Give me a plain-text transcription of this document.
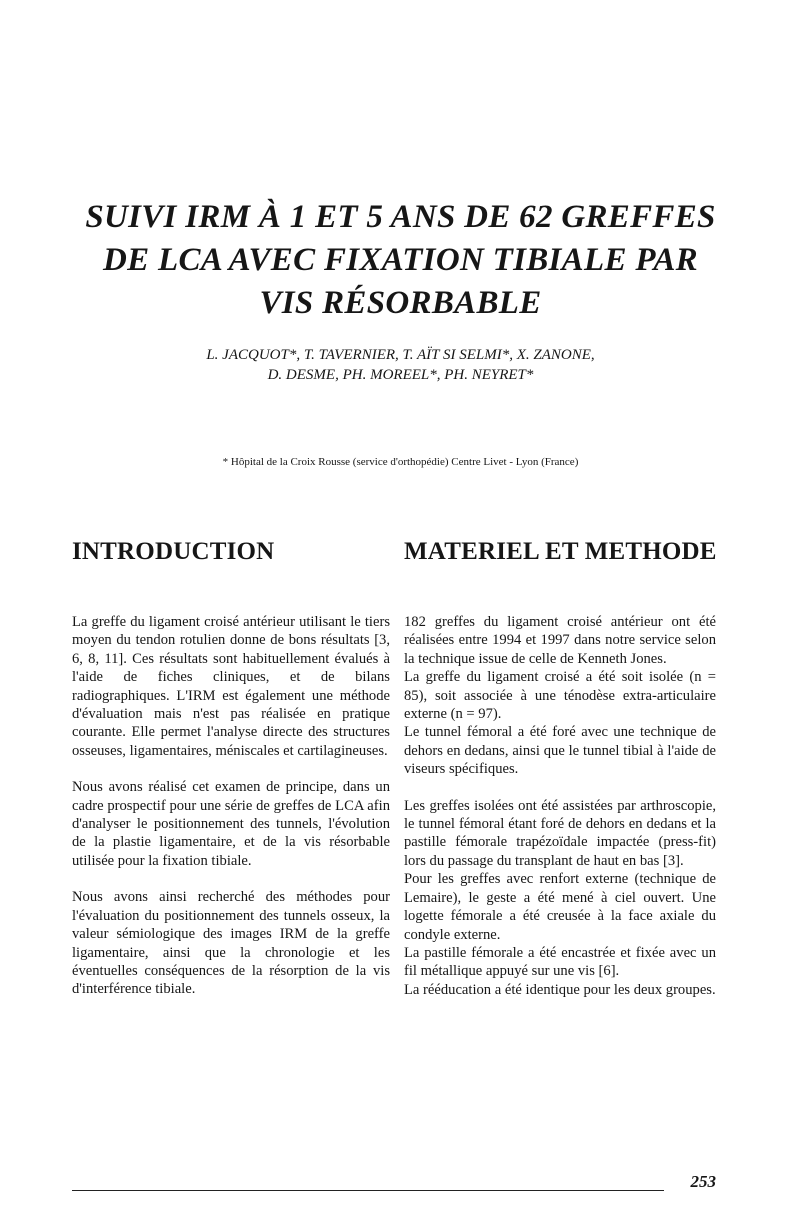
SUIVI IRM À 1 ET 5 ANS DE 62 GREFFES
DE LCA AVEC FIXATION TIBIALE PAR
VIS RÉSORBABLE
L. JACQUOT*, T. TAVERNIER, T. AÏT SI SELMI*, X. ZANONE,
D. DESME, PH. MOREEL*, PH. NEYRET*
* Hôpital de la Croix Rousse (service d'orthopédie) Centre Livet - Lyon (France)
INTRODUCTION	MATERIEL ET METHODE

La greffe du ligament croisé antérieur utilisant le tiers moyen du tendon rotulien donne de bons résultats [3, 6, 8, 11]. Ces résultats sont habituellement évalués à l'aide de fiches cliniques, et de bilans radiographiques. L'IRM est également une méthode d'évaluation mais n'est pas réalisée en pratique courante. Elle permet l'analyse directe des structures osseuses, ligamentaires, méniscales et cartilagineuses.

Nous avons réalisé cet examen de principe, dans un cadre prospectif pour une série de greffes de LCA afin d'analyser le positionnement des tunnels, l'évolution de la plastie ligamentaire, et de la vis résorbable utilisée pour la fixation tibiale.

Nous avons ainsi recherché des méthodes pour l'évaluation du positionnement des tunnels osseux, la valeur sémiologique des images IRM de la greffe ligamentaire, ainsi que la chronologie et les éventuelles conséquences de la résorption de la vis d'interférence tibiale.

182 greffes du ligament croisé antérieur ont été réalisées entre 1994 et 1997 dans notre service selon la technique issue de celle de Kenneth Jones.

La greffe du ligament croisé a été soit isolée (n = 85), soit associée à une ténodèse extra-articulaire externe (n = 97).

Le tunnel fémoral a été foré avec une technique de dehors en dedans, ainsi que le tunnel tibial à l'aide de viseurs spécifiques.

Les greffes isolées ont été assistées par arthroscopie, le tunnel fémoral étant foré de dehors en dedans et la pastille fémorale trapézoïdale impactée (press-fit) lors du passage du transplant de haut en bas [3].

Pour les greffes avec renfort externe (technique de Lemaire), le geste a été mené à ciel ouvert. Une logette fémorale a été creusée à la face axiale du condyle externe.

La pastille fémorale a été encastrée et fixée avec un fil métallique appuyé sur une vis [6].

La rééducation a été identique pour les deux groupes.

253
